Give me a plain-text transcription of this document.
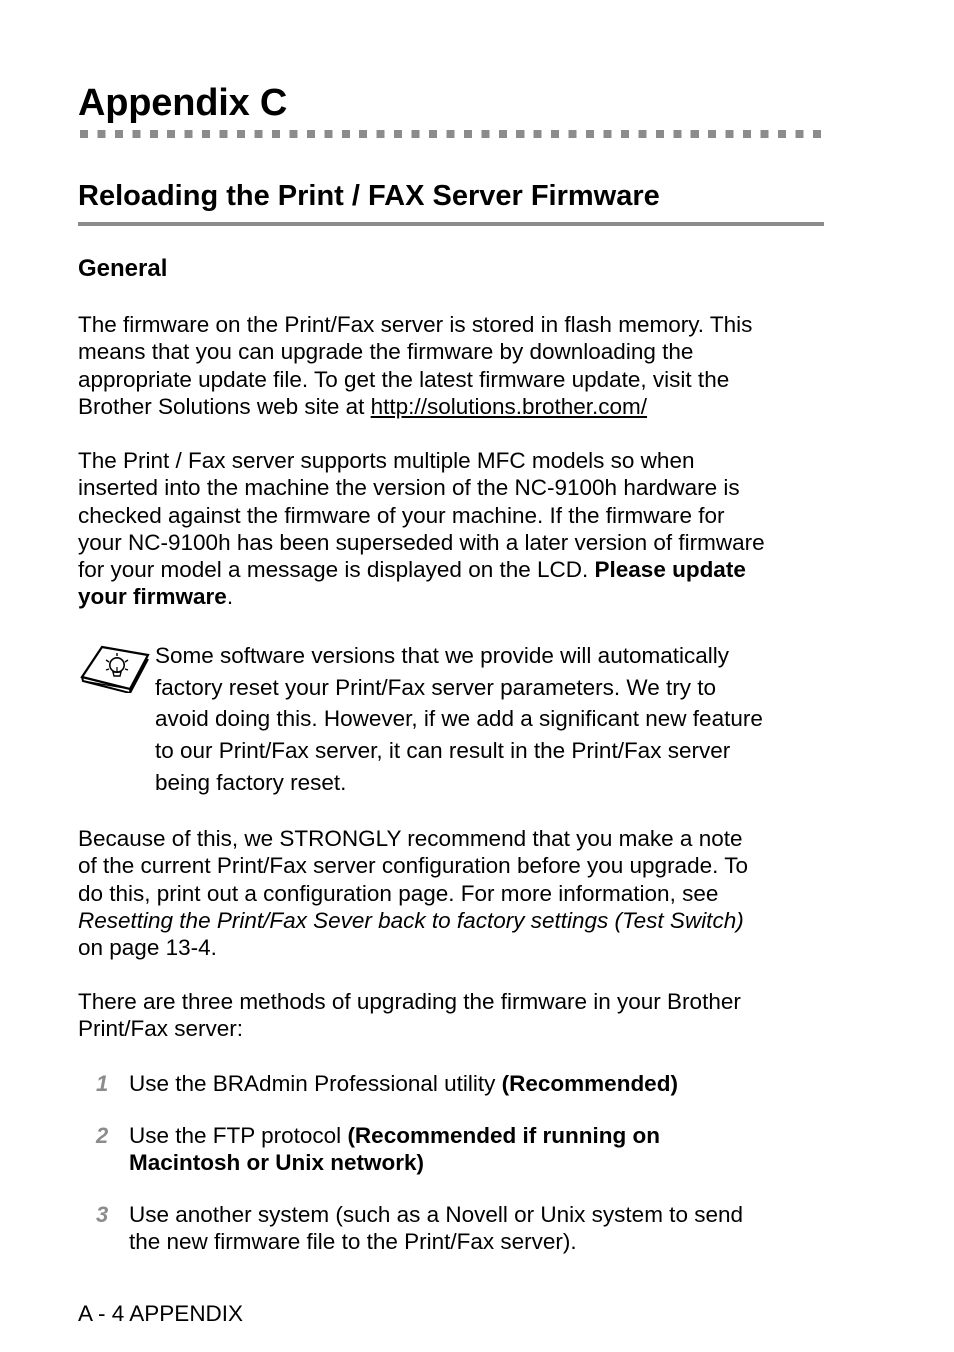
Appendix C
Reloading the Print / FAX Server Firmware
General
The firmware on the Print/Fax server is stored in flash memory. This
means that you can upgrade the firmware by downloading the
appropriate update file. To get the latest firmware update, visit the
Brother Solutions web site at http://solutions.brother.com/
The Print / Fax server supports multiple MFC models so when
inserted into the machine the version of the NC-9100h hardware is
checked against the firmware of your machine. If the firmware for
your NC-9100h has been superseded with a later version of firmware
for your model a message is displayed on the LCD. Please update
your firmware.
Some software versions that we provide will automatically
factory reset your Print/Fax server parameters. We try to
avoid doing this. However, if we add a significant new feature
to our Print/Fax server, it can result in the Print/Fax server
being factory reset.
Because of this, we STRONGLY recommend that you make a note
of the current Print/Fax server configuration before you upgrade. To
do this, print out a configuration page. For more information, see
Resetting the Print/Fax Sever back to factory settings (Test Switch)
on page 13-4.
There are three methods of upgrading the firmware in your Brother
Print/Fax server:
1 Use the BRAdmin Professional utility (Recommended)
2 Use the FTP protocol (Recommended if running on
Macintosh or Unix network)
3 Use another system (such as a Novell or Unix system to send
the new firmware file to the Print/Fax server).
A - 4 APPENDIX
